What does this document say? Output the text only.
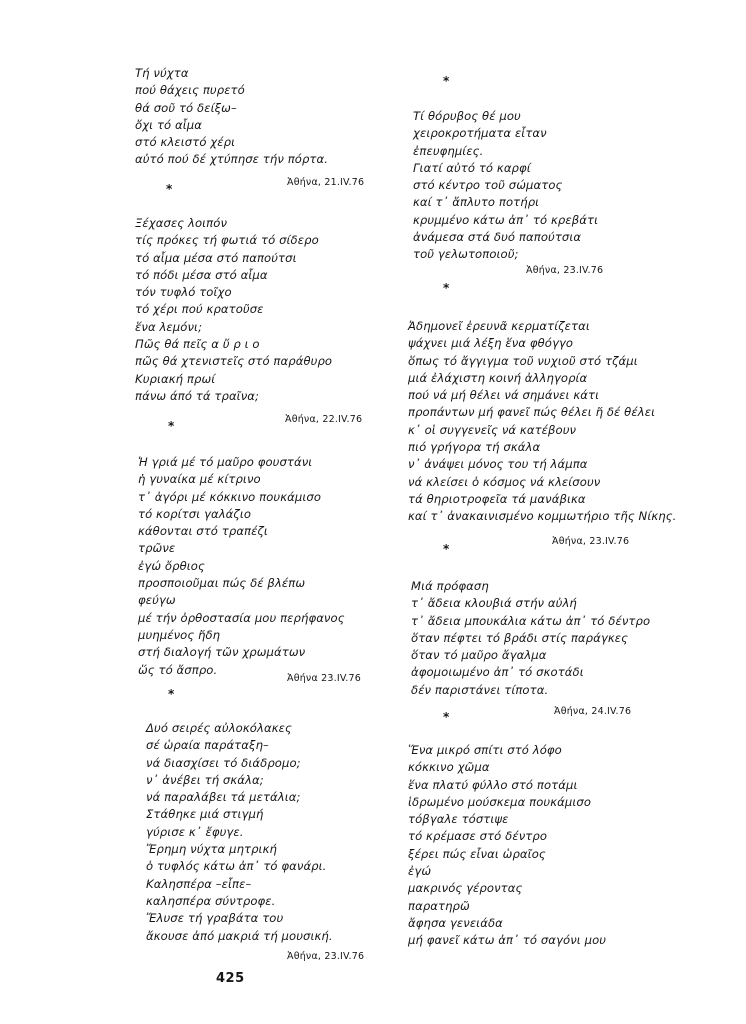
Τή νύχτα
πού θάχεις πυρετό
θά σοῦ τό δείξω–
ὄχι τό αἷμα
στό κλειστό χέρι
αὐτό πού δέ χτύπησε τήν πόρτα.
Ἀθήνα, 21.IV.76
*
Ξέχασες λοιπόν
τίς πρόκες τή φωτιά τό σίδερο
τό αἷμα μέσα στό παπούτσι
τό πόδι μέσα στό αἷμα
τόν τυφλό τοῖχο
τό χέρι πού κρατοῦσε
ἕνα λεμόνι;
Πῶς θά πεῖς α ὔ ρ ι ο
πῶς θά χτενιστεῖς στό παράθυρο
Κυριακή πρωί
πάνω άπό τά τραῖνα;
Ἀθήνα, 22.IV.76
*
Ἡ γριά μέ τό μαῦρο φουστάνι
ἡ γυναίκα μέ κίτρινο
τ᾿ ἀγόρι μέ κόκκινο πουκάμισο
τό κορίτσι γαλάζιο
κάθονται στό τραπέζι
τρῶνε
ἐγώ ὄρθιος
προσποιοῦμαι πώς δέ βλέπω
φεύγω
μέ τήν ὀρθοστασία μου περήφανος
μυημένος ἤδη
στή διαλογή τῶν χρωμάτων
ὥς τό ἄσπρο.
Ἀθήνα 23.IV.76
*
Δυό σειρές αὐλοκόλακες
σέ ὡραία παράταξη–
νά διασχίσει τό διάδρομο;
ν᾿ ἀνέβει τή σκάλα;
νά παραλάβει τά μετάλια;
Στάθηκε μιά στιγμή
γύρισε κ᾿ ἔφυγε.
Ἔρημη νύχτα μητρική
ὁ τυφλός κάτω ἀπ᾿ τό φανάρι.
Καλησπέρα –εἶπε–
καλησπέρα σύντροφε.
Ἔλυσε τή γραβάτα του
ἄκουσε ἀπό μακριά τή μουσική.
Ἀθήνα, 23.IV.76
*
Τί θόρυβος θέ μου
χειροκροτήματα εἶταν
ἐπευφημίες.
Γιατί αὐτό τό καρφί
στό κέντρο τοῦ σώματος
καί τ᾿ ἄπλυτο ποτήρι
κρυμμένο κάτω ἀπ᾿ τό κρεβάτι
ἀνάμεσα στά δυό παπούτσια
τοῦ γελωτοποιοῦ;
Ἀθήνα, 23.IV.76
*
Ἀδημονεῖ ἐρευνᾶ κερματίζεται
ψάχνει μιά λέξη ἕνα φθόγγο
ὅπως τό ἄγγιγμα τοῦ νυχιοῦ στό τζάμι
μιά ἐλάχιστη κοινή ἀλληγορία
πού νά μή θέλει νά σημάνει κάτι
προπάντων μή φανεῖ πώς θέλει ἤ δέ θέλει
κ᾿ οἱ συγγενεῖς νά κατέβουν
πιό γρήγορα τή σκάλα
ν᾿ ἀνάψει μόνος του τή λάμπα
νά κλείσει ὁ κόσμος νά κλείσουν
τά θηριοτροφεῖα τά μανάβικα
καί τ᾿ ἀνακαινισμένο κομμωτήριο τῆς Νίκης.
Ἀθήνα, 23.IV.76
*
Μιά πρόφαση
τ᾿ ἄδεια κλουβιά στήν αὐλή
τ᾿ ἄδεια μπουκάλια κάτω ἀπ᾿ τό δέντρο
ὅταν πέφτει τό βράδι στίς παράγκες
ὅταν τό μαῦρο ἄγαλμα
ἀφομοιωμένο ἀπ᾿ τό σκοτάδι
δέν παριστάνει τίποτα.
Ἀθήνα, 24.IV.76
*
Ἕνα μικρό σπίτι στό λόφο
κόκκινο χῶμα
ἕνα πλατύ φύλλο στό ποτάμι
ἱδρωμένο μούσκεμα πουκάμισο
τόβγαλε τόστιψε
τό κρέμασε στό δέντρο
ξέρει πώς εἶναι ὡραῖος
ἐγώ
μακρινός γέροντας
παρατηρῶ
ἄφησα γενειάδα
μή φανεῖ κάτω ἀπ᾿ τό σαγόνι μου
425
